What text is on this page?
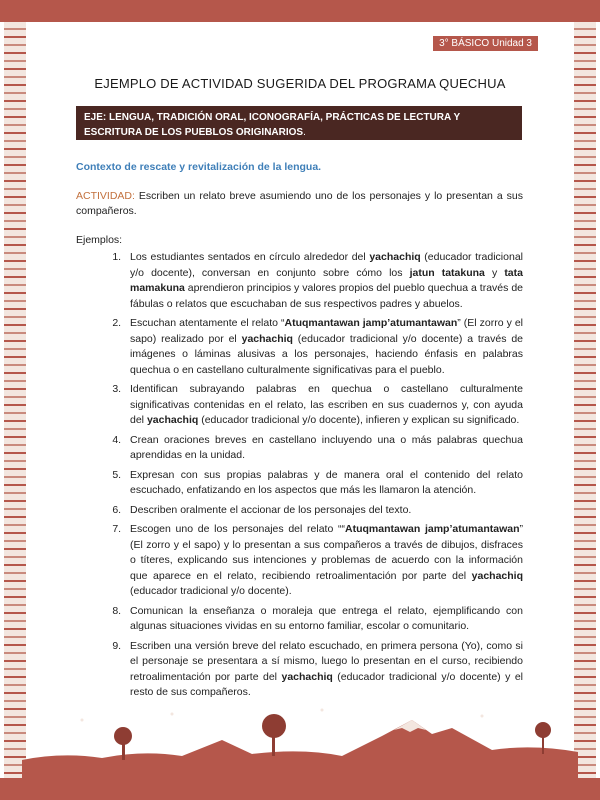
3° BÁSICO Unidad 3
EJEMPLO DE ACTIVIDAD SUGERIDA DEL PROGRAMA QUECHUA
EJE: LENGUA, TRADICIÓN ORAL, ICONOGRAFÍA, PRÁCTICAS DE LECTURA Y ESCRITURA DE LOS PUEBLOS ORIGINARIOS.

Contexto de rescate y revitalización de la lengua.

ACTIVIDAD: Escriben un relato breve asumiendo uno de los personajes y lo presentan a sus compañeros.

Ejemplos:

1. Los estudiantes sentados en círculo alrededor del yachachiq (educador tradicional y/o docente), conversan en conjunto sobre cómo los jatun tatakuna y tata mamakuna aprendieron principios y valores propios del pueblo quechua a través de fábulas o relatos que escuchaban de sus respectivos padres y abuelos.
2. Escuchan atentamente el relato “Atuqmantawan jamp’atumantawan” (El zorro y el sapo) realizado por el yachachiq (educador tradicional y/o docente) a través de imágenes o láminas alusivas a los personajes, haciendo énfasis en palabras quechua o en castellano culturalmente significativas para el pueblo.
3. Identifican subrayando palabras en quechua o castellano culturalmente significativas contenidas en el relato, las escriben en sus cuadernos y, con ayuda del yachachiq (educador tradicional y/o docente), infieren y explican su significado.
4. Crean oraciones breves en castellano incluyendo una o más palabras quechua aprendidas en la unidad.
5. Expresan con sus propias palabras y de manera oral el contenido del relato escuchado, enfatizando en los aspectos que más les llamaron la atención.
6. Describen oralmente el accionar de los personajes del texto.
7. Escogen uno de los personajes del relato ““Atuqmantawan jamp’atumantawan” (El zorro y el sapo) y lo presentan a sus compañeros a través de dibujos, disfraces o títeres, explicando sus intenciones y problemas de acuerdo con la información que aparece en el relato, recibiendo retroalimentación por parte del yachachiq (educador tradicional y/o docente).
8. Comunican la enseñanza o moraleja que entrega el relato, ejemplificando con algunas situaciones vividas en su entorno familiar, escolar o comunitario.
9. Escriben una versión breve del relato escuchado, en primera persona (Yo), como si el personaje se presentara a sí mismo, luego lo presentan en el curso, recibiendo retroalimentación por parte del yachachiq (educador tradicional y/o docente) y el resto de sus compañeros.
